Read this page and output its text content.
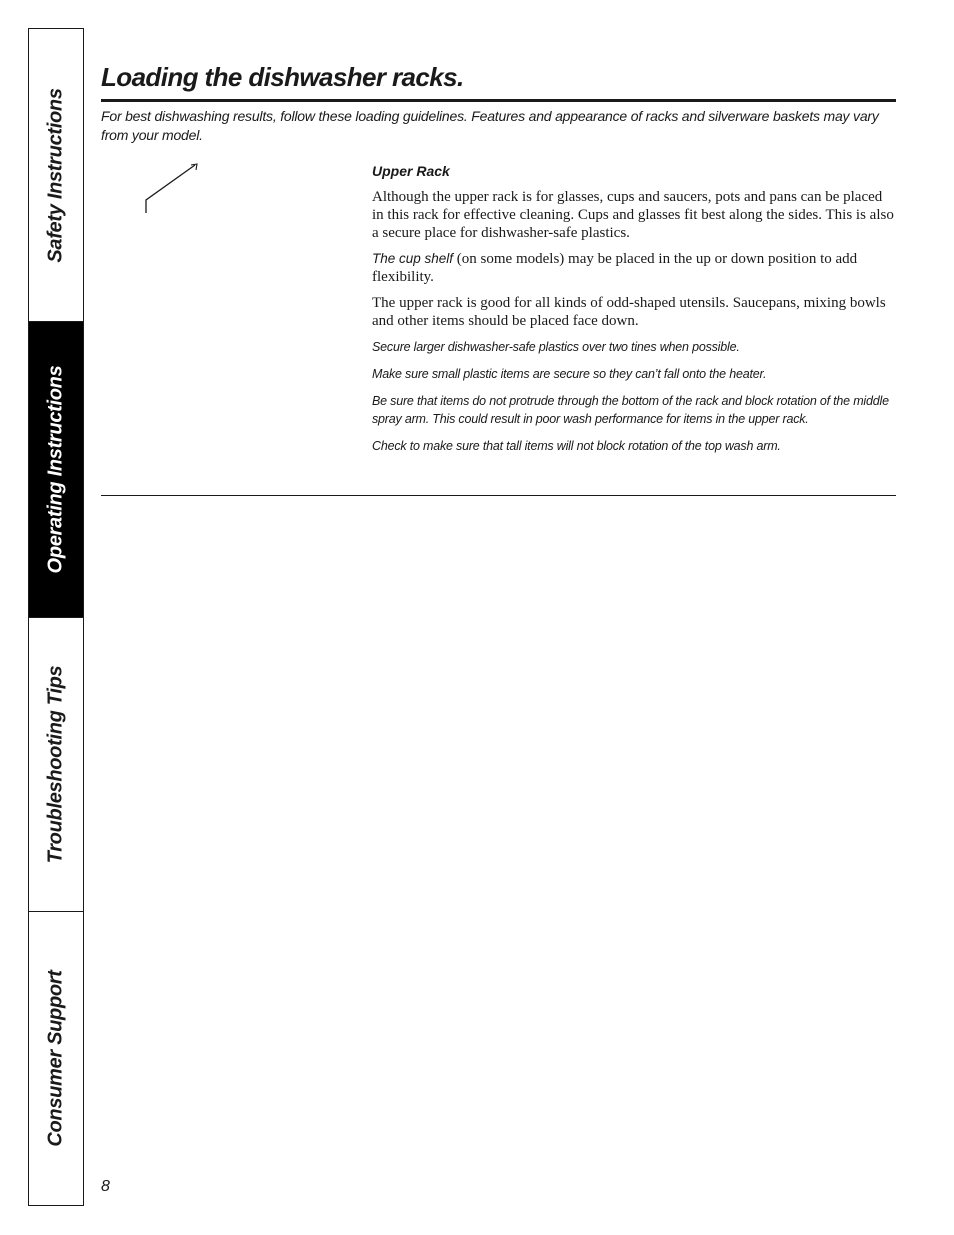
Safety Instructions
Operating Instructions
Troubleshooting Tips
Consumer Support
Loading the dishwasher racks.

For best dishwashing results, follow these loading guidelines. Features and appearance of racks and silverware baskets may vary from your model.

Upper Rack

Although the upper rack is for glasses, cups and saucers, pots and pans can be placed in this rack for effective cleaning. Cups and glasses fit best along the sides. This is also a secure place for dishwasher-safe plastics.

The cup shelf (on some models) may be placed in the up or down position to add flexibility.

The upper rack is good for all kinds of odd-shaped utensils. Saucepans, mixing bowls and other items should be placed face down.

Secure larger dishwasher-safe plastics over two tines when possible.

Make sure small plastic items are secure so they can’t fall onto the heater.

Be sure that items do not protrude through the bottom of the rack and block rotation of the middle spray arm. This could result in poor wash performance for items in the upper rack.

Check to make sure that tall items will not block rotation of the top wash arm.

8
